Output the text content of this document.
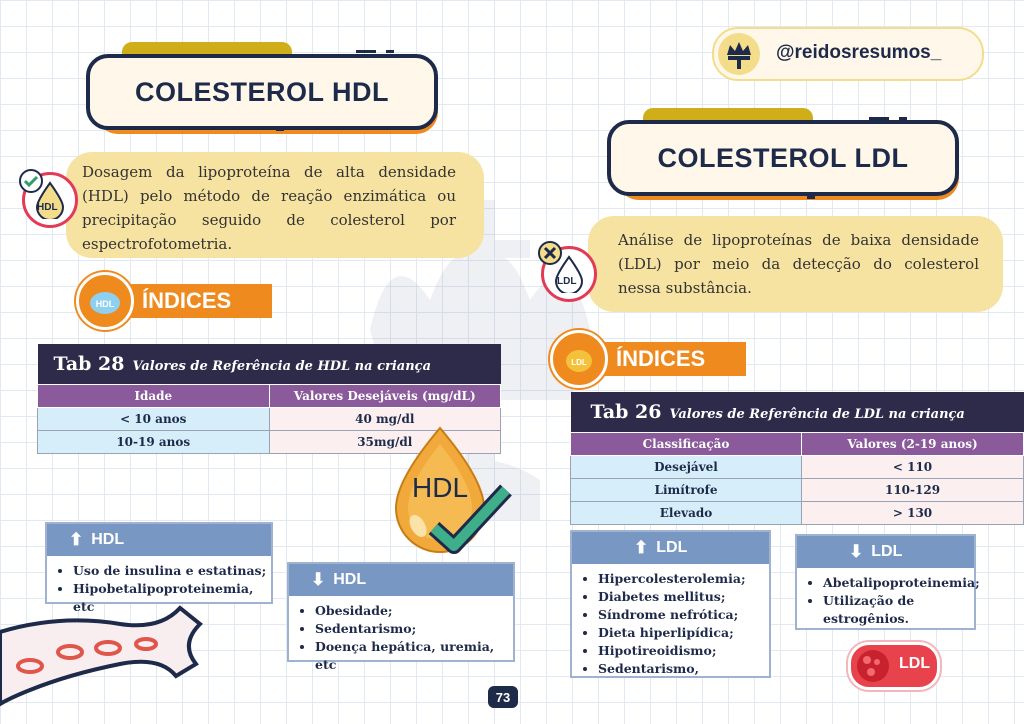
COLESTEROL HDL
@reidosresumos_
COLESTEROL LDL
Dosagem da lipoproteína de alta densidade (HDL) pelo método de reação enzimática ou precipitação seguido de colesterol por espectrofotometria.
HDL
Análise de lipoproteínas de baixa densidade (LDL) por meio da detecção do colesterol nessa substância.
LDL
HDL ÍNDICES
LDL ÍNDICES
Tab 28 Valores de Referência de HDL na criança	
Idade	Valores Desejáveis (mg/dL)
< 10 anos	40 mg/dl
10-19 anos	35mg/dl
Tab 26 Valores de Referência de LDL na criança	
Classificação	Valores (2-19 anos)
Desejável	< 110
Limítrofe	110-129
Elevado	> 130
HDL
⬆ HDL
• Uso de insulina e estatinas;
• Hipobetalipoproteinemia, etc
⬇ HDL
• Obesidade;
• Sedentarismo;
• Doença hepática, uremia, etc
⬆ LDL
• Hipercolesterolemia;
• Diabetes mellitus;
• Síndrome nefrótica;
• Dieta hiperlipídica;
• Hipotireoidismo;
• Sedentarismo,
⬇ LDL
• Abetalipoproteinemia;
• Utilização de estrogênios.
LDL
73
